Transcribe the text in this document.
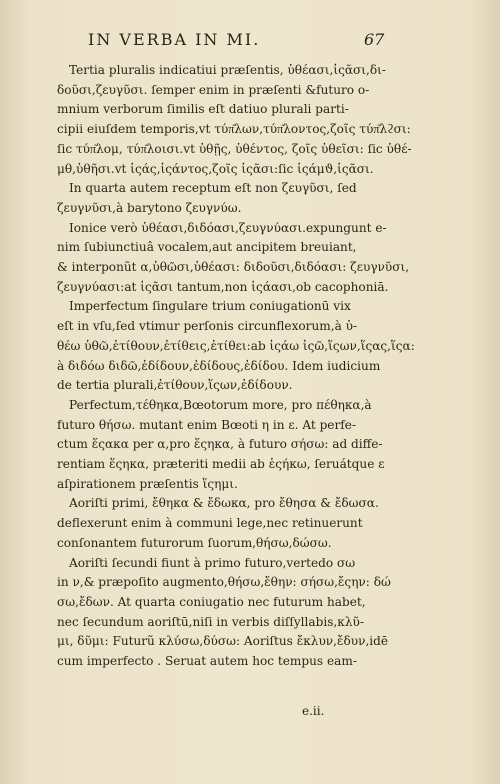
IN VERBA IN MI.	67
Tertia pluralis indicatiui præſentis, ὑθέασι,ἱςᾶσι,δι-
δοῦσι,ζευγῦσι. ſemper enim in præſenti &futuro o-
mnium verborum ſimilis eſt datiuo plurali parti-
cipii eiuſdem temporis,vt τύπ͂λων,τύπ͂λοντος,ζοῖς τύπ͂λϩσι:
ſic τύπ͂λομ, τύπ͂λοισι.vt ὑθῇς, ὑθέντος, ζοῖς ὑθεῖσι: ſic ὑθέ-
μθ,ὑθῆσι.vt ἱςάς,ἱςάντος,ζοῖς ἱςᾶσι:ſic ἱςάμϑ,ἱςᾶσι.
In quarta autem receptum eſt non ζευγῦσι, ſed
ζευγνῦσι,à barytono ζευγνύω.
Ionice verò ὑθέασι,διδόασι,ζευγνύασι.expungunt e-
nim ſubiunctiuâ vocalem,aut ancipitem breuiant,
& interponũt α,ὑθῶσι,ὑθέασι: διδοῦσι,διδόασι: ζευγνῦσι,
ζευγνύασι:at ἱςᾶσι tantum,non ἱςάασι,ob cacophoniā.
Imperfectum ſingulare trium coniugationū vix
eſt in vſu,ſed vtimur perſonis circunflexorum,à ὑ-
θέω ὑθῶ,ἐτίθουν,ἐτίθεις,ἐτίθει:ab ἱςάω ἱςῶ,ἵςων,ἵςας,ἵςα:
à διδόω διδῶ,ἐδίδουν,ἐδίδους,ἐδίδου. Idem iudicium
de tertia plurali,ἐτίθουν,ἵςων,ἐδίδουν.
Perfectum,τέθηκα,Bœotorum more, pro πέθηκα,à
futuro θήσω. mutant enim Bœoti η in ε. At perfe-
ctum ἕςακα per α,pro ἕςηκα, à futuro σήσω: ad diffe-
rentiam ἕςηκα, præteriti medii ab ἑςήκω, ſeruátque ε
aſpirationem præſentis ἵςημι.
Aoriſti primi, ἔθηκα & ἔδωκα, pro ἔθησα & ἔδωσα.
deflexerunt enim à communi lege,nec retinuerunt
conſonantem futurorum ſuorum,θήσω,δώσω.
Aoriſti ſecundi fiunt à primo futuro,vertedo σω
in ν,& præpoſito augmento,θήσω,ἔθην: σήσω,ἔςην: δώ
σω,ἔδων. At quarta coniugatio nec futurum habet,
nec ſecundum aoriſtū,niſi in verbis diſſyllabis,κλῦ-
μι, δῦμι: Futurũ κλύσω,δύσω: Aoriſtus ἔκλυν,ἔδυν,idē
cum imperfecto . Seruat autem hoc tempus eam-
e.ii.
